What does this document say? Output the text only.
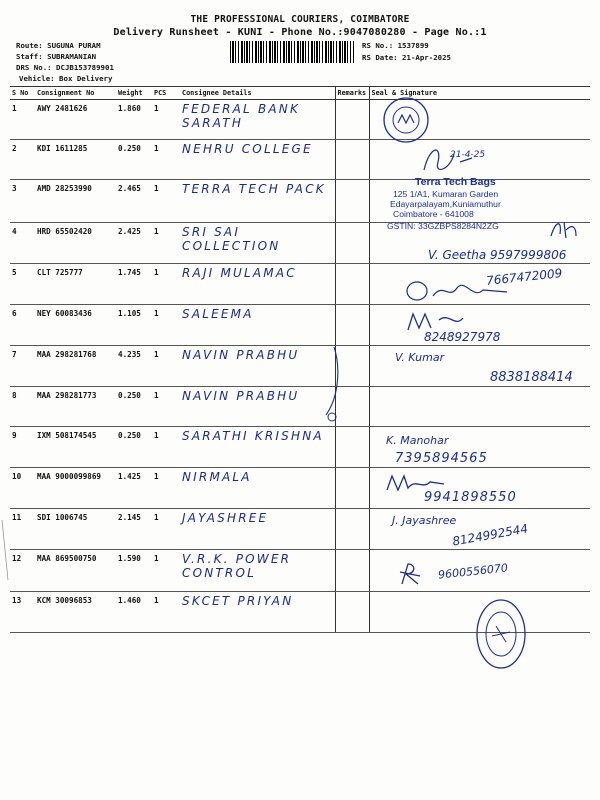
THE PROFESSIONAL COURIERS, COIMBATORE
Delivery Runsheet - KUNI - Phone No.:9047080280 - Page No.:1
Route: SUGUNA PURAM
Staff: SUBRAMANIAN
DRS No.: DCJB153789901
Vehicle: Box Delivery
RS No.: 1537899
RS Date: 21-Apr-2025
S No	Consignment No	Weight	PCS	Consignee Details	Remarks	Seal & Signature
1	AWY 2481626	1.860	1	FEDERAL BANK SARATH		
2	KDI 1611285	0.250	1	NEHRU COLLEGE		
3	AMD 28253990	2.465	1	TERRA TECH PACK		
4	HRD 65502420	2.425	1	SRI SAI COLLECTION		
5	CLT 725777	1.745	1	RAJI MULAMAC		
6	NEY 60083436	1.105	1	SALEEMA		
7	MAA 298281768	4.235	1	NAVIN PRABHU		
8	MAA 298281773	0.250	1	NAVIN PRABHU		
9	IXM 508174545	0.250	1	SARATHI KRISHNA		
10	MAA 9000099869	1.425	1	NIRMALA		
11	SDI 1006745	2.145	1	JAYASHREE		
12	MAA 869500750	1.590	1	V.R.K. POWER CONTROL		
13	KCM 30096853	1.460	1	SKCET PRIYAN		
21-4-25
Terra Tech Bags
125 1/A1, Kumaran Garden
Edayarpalayam,Kuniamuthur
Coimbatore - 641008
GSTIN: 33GZBPS8284N2ZG
V. Geetha 9597999806
7667472009
8248927978
V. Kumar
8838188414
K. Manohar
7395894565
9941898550
J. Jayashree
8124992544
9600556070
